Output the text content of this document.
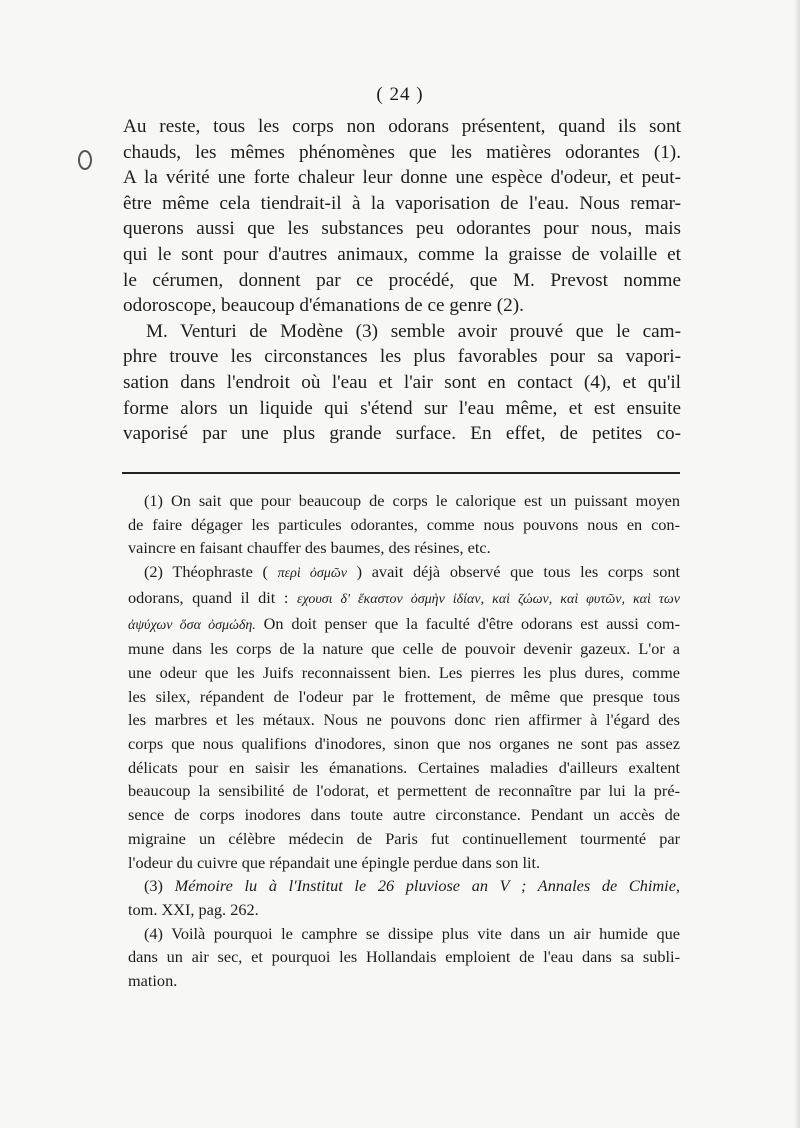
( 24 )

Au reste, tous les corps non odorans présentent, quand ils sont
chauds, les mêmes phénomènes que les matières odorantes (1).
A la vérité une forte chaleur leur donne une espèce d'odeur, et peut-
être même cela tiendrait-il à la vaporisation de l'eau. Nous remar-
querons aussi que les substances peu odorantes pour nous, mais
qui le sont pour d'autres animaux, comme la graisse de volaille et
le cérumen, donnent par ce procédé, que M. Prevost nomme
odoroscope, beaucoup d'émanations de ce genre (2).

M. Venturi de Modène (3) semble avoir prouvé que le cam-
phre trouve les circonstances les plus favorables pour sa vapori-
sation dans l'endroit où l'eau et l'air sont en contact (4), et qu'il
forme alors un liquide qui s'étend sur l'eau même, et est ensuite
vaporisé par une plus grande surface. En effet, de petites co-

(1) On sait que pour beaucoup de corps le calorique est un puissant moyen
de faire dégager les particules odorantes, comme nous pouvons nous en con-
vaincre en faisant chauffer des baumes, des résines, etc.
(2) Théophraste ( περὶ ὀσμῶν ) avait déjà observé que tous les corps sont
odorans, quand il dit : εχουσι δ' ἕκαστον ὀσμὴν ἰδίαν, καὶ ζώων, καὶ φυτῶν, καὶ των
ἀψύχων ὅσα ὀσμώδη. On doit penser que la faculté d'être odorans est aussi com-
mune dans les corps de la nature que celle de pouvoir devenir gazeux. L'or a
une odeur que les Juifs reconnaissent bien. Les pierres les plus dures, comme
les silex, répandent de l'odeur par le frottement, de même que presque tous
les marbres et les métaux. Nous ne pouvons donc rien affirmer à l'égard des
corps que nous qualifions d'inodores, sinon que nos organes ne sont pas assez
délicats pour en saisir les émanations. Certaines maladies d'ailleurs exaltent
beaucoup la sensibilité de l'odorat, et permettent de reconnaître par lui la pré-
sence de corps inodores dans toute autre circonstance. Pendant un accès de
migraine un célèbre médecin de Paris fut continuellement tourmenté par
l'odeur du cuivre que répandait une épingle perdue dans son lit.
(3) Mémoire lu à l'Institut le 26 pluviose an V ; Annales de Chimie,
tom. XXI, pag. 262.
(4) Voilà pourquoi le camphre se dissipe plus vite dans un air humide que
dans un air sec, et pourquoi les Hollandais emploient de l'eau dans sa subli-
mation.
